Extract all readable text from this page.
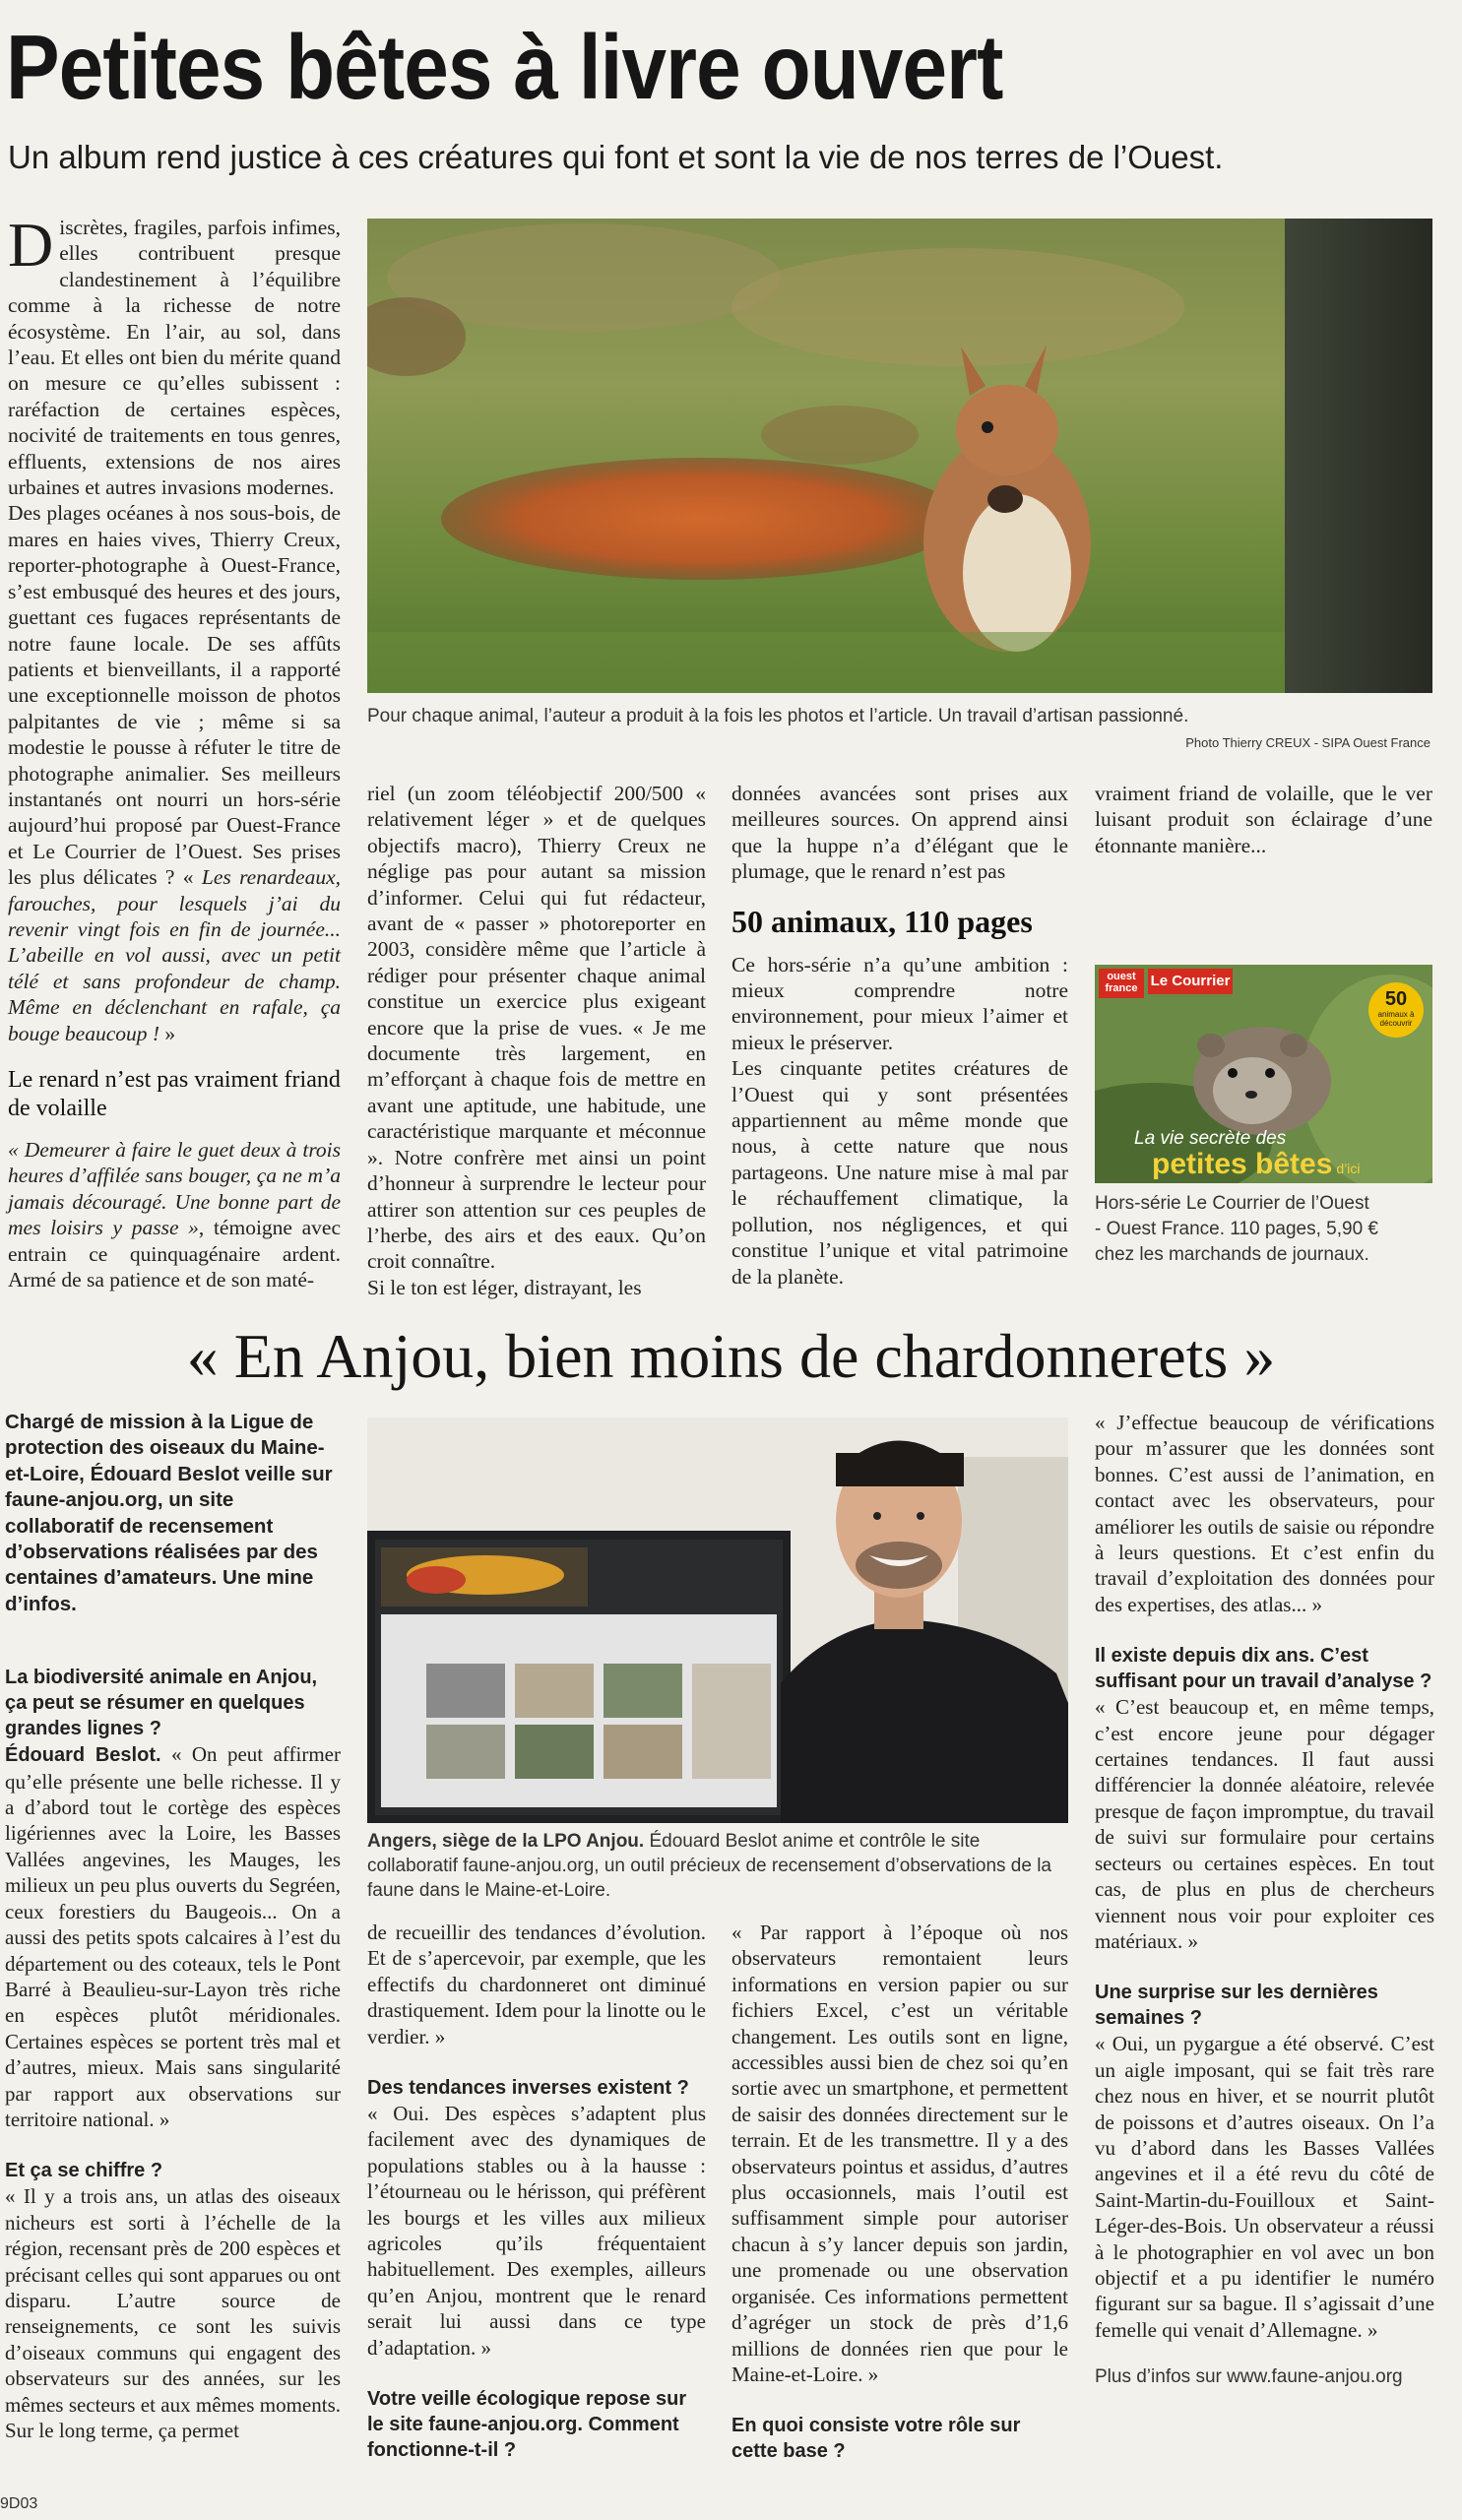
Petites bêtes à livre ouvert
Un album rend justice à ces créatures qui font et sont la vie de nos terres de l’Ouest.

Discrètes, fragiles, parfois infimes, elles contribuent presque clandestinement à l’équilibre comme à la richesse de notre écosystème. En l’air, au sol, dans l’eau. Et elles ont bien du mérite quand on mesure ce qu’elles subissent : raréfaction de certaines espèces, nocivité de traitements en tous genres, effluents, extensions de nos aires urbaines et autres invasions modernes.

Des plages océanes à nos sous-bois, de mares en haies vives, Thierry Creux, reporter-photographe à Ouest-France, s’est embusqué des heures et des jours, guettant ces fugaces représentants de notre faune locale. De ses affûts patients et bienveillants, il a rapporté une exceptionnelle moisson de photos palpitantes de vie ; même si sa modestie le pousse à réfuter le titre de photographe animalier. Ses meilleurs instantanés ont nourri un hors-série aujourd’hui proposé par Ouest-France et Le Courrier de l’Ouest. Ses prises les plus délicates ? « Les renardeaux, farouches, pour lesquels j’ai du revenir vingt fois en fin de journée... L’abeille en vol aussi, avec un petit télé et sans profondeur de champ. Même en déclenchant en rafale, ça bouge beaucoup ! »

Le renard n’est pas vraiment friand de volaille

« Demeurer à faire le guet deux à trois heures d’affilée sans bouger, ça ne m’a jamais découragé. Une bonne part de mes loisirs y passe », témoigne avec entrain ce quinquagénaire ardent. Armé de sa patience et de son maté-

Pour chaque animal, l’auteur a produit à la fois les photos et l’article. Un travail d’artisan passionné.
Photo Thierry CREUX - SIPA Ouest France

riel (un zoom téléobjectif 200/500 « relativement léger » et de quelques objectifs macro), Thierry Creux ne néglige pas pour autant sa mission d’informer. Celui qui fut rédacteur, avant de « passer » photoreporter en 2003, considère même que l’article à rédiger pour présenter chaque animal constitue un exercice plus exigeant encore que la prise de vues. « Je me documente très largement, en m’efforçant à chaque fois de mettre en avant une aptitude, une habitude, une caractéristique marquante et méconnue ». Notre confrère met ainsi un point d’honneur à surprendre le lecteur pour attirer son attention sur ces peuples de l’herbe, des airs et des eaux. Qu’on croit connaître.

Si le ton est léger, distrayant, les

données avancées sont prises aux meilleures sources. On apprend ainsi que la huppe n’a d’élégant que le plumage, que le renard n’est pas

50 animaux, 110 pages

Ce hors-série n’a qu’une ambition : mieux comprendre notre environnement, pour mieux l’aimer et mieux le préserver.

Les cinquante petites créatures de l’Ouest qui y sont présentées appartiennent au même monde que nous, à cette nature que nous partageons. Une nature mise à mal par le réchauffement climatique, la pollution, nos négligences, et qui constitue l’unique et vital patrimoine de la planète.

vraiment friand de volaille, que le ver luisant produit son éclairage d’une étonnante manière...

ouest
france Le Courrier
50
animaux à découvrir
La vie secrète des
petites bêtes d’ici
Hors-série Le Courrier de l’Ouest - Ouest France. 110 pages, 5,90 € chez les marchands de journaux.
« En Anjou, bien moins de chardonnerets »

Chargé de mission à la Ligue de protection des oiseaux du Maine-et-Loire, Édouard Beslot veille sur faune-anjou.org, un site collaboratif de recensement d’observations réalisées par des centaines d’amateurs. Une mine d’infos.

La biodiversité animale en Anjou, ça peut se résumer en quelques grandes lignes ?

Édouard Beslot. « On peut affirmer qu’elle présente une belle richesse. Il y a d’abord tout le cortège des espèces ligériennes avec la Loire, les Basses Vallées angevines, les Mauges, les milieux un peu plus ouverts du Segréen, ceux forestiers du Baugeois... On a aussi des petits spots calcaires à l’est du département ou des coteaux, tels le Pont Barré à Beaulieu-sur-Layon très riche en espèces plutôt méridionales. Certaines espèces se portent très mal et d’autres, mieux. Mais sans singularité par rapport aux observations sur territoire national. »

Et ça se chiffre ?

« Il y a trois ans, un atlas des oiseaux nicheurs est sorti à l’échelle de la région, recensant près de 200 espèces et précisant celles qui sont apparues ou ont disparu. L’autre source de renseignements, ce sont les suivis d’oiseaux communs qui engagent des observateurs sur des années, sur les mêmes secteurs et aux mêmes moments. Sur le long terme, ça permet

Angers, siège de la LPO Anjou. Édouard Beslot anime et contrôle le site collaboratif faune-anjou.org, un outil précieux de recensement d’observations de la faune dans le Maine-et-Loire.

de recueillir des tendances d’évolution. Et de s’apercevoir, par exemple, que les effectifs du chardonneret ont diminué drastiquement. Idem pour la linotte ou le verdier. »

Des tendances inverses existent ?

« Oui. Des espèces s’adaptent plus facilement avec des dynamiques de populations stables ou à la hausse : l’étourneau ou le hérisson, qui préfèrent les bourgs et les villes aux milieux agricoles qu’ils fréquentaient habituellement. Des exemples, ailleurs qu’en Anjou, montrent que le renard serait lui aussi dans ce type d’adaptation. »

Votre veille écologique repose sur le site faune-anjou.org. Comment fonctionne-t-il ?

« Par rapport à l’époque où nos observateurs remontaient leurs informations en version papier ou sur fichiers Excel, c’est un véritable changement. Les outils sont en ligne, accessibles aussi bien de chez soi qu’en sortie avec un smartphone, et permettent de saisir des données directement sur le terrain. Et de les transmettre. Il y a des observateurs pointus et assidus, d’autres plus occasionnels, mais l’outil est suffisamment simple pour autoriser chacun à s’y lancer depuis son jardin, une promenade ou une observation organisée. Ces informations permettent d’agréger un stock de près d’1,6 millions de données rien que pour le Maine-et-Loire. »

En quoi consiste votre rôle sur cette base ?

« J’effectue beaucoup de vérifications pour m’assurer que les données sont bonnes. C’est aussi de l’animation, en contact avec les observateurs, pour améliorer les outils de saisie ou répondre à leurs questions. Et c’est enfin du travail d’exploitation des données pour des expertises, des atlas... »

Il existe depuis dix ans. C’est suffisant pour un travail d’analyse ?

« C’est beaucoup et, en même temps, c’est encore jeune pour dégager certaines tendances. Il faut aussi différencier la donnée aléatoire, relevée presque de façon impromptue, du travail de suivi sur formulaire pour certains secteurs ou certaines espèces. En tout cas, de plus en plus de chercheurs viennent nous voir pour exploiter ces matériaux. »

Une surprise sur les dernières semaines ?

« Oui, un pygargue a été observé. C’est un aigle imposant, qui se fait très rare chez nous en hiver, et se nourrit plutôt de poissons et d’autres oiseaux. On l’a vu d’abord dans les Basses Vallées angevines et il a été revu du côté de Saint-Martin-du-Fouilloux et Saint-Léger-des-Bois. Un observateur a réussi à le photographier en vol avec un bon objectif et a pu identifier le numéro figurant sur sa bague. Il s’agissait d’une femelle qui venait d’Allemagne. »

Plus d’infos sur www.faune-anjou.org

9D03
